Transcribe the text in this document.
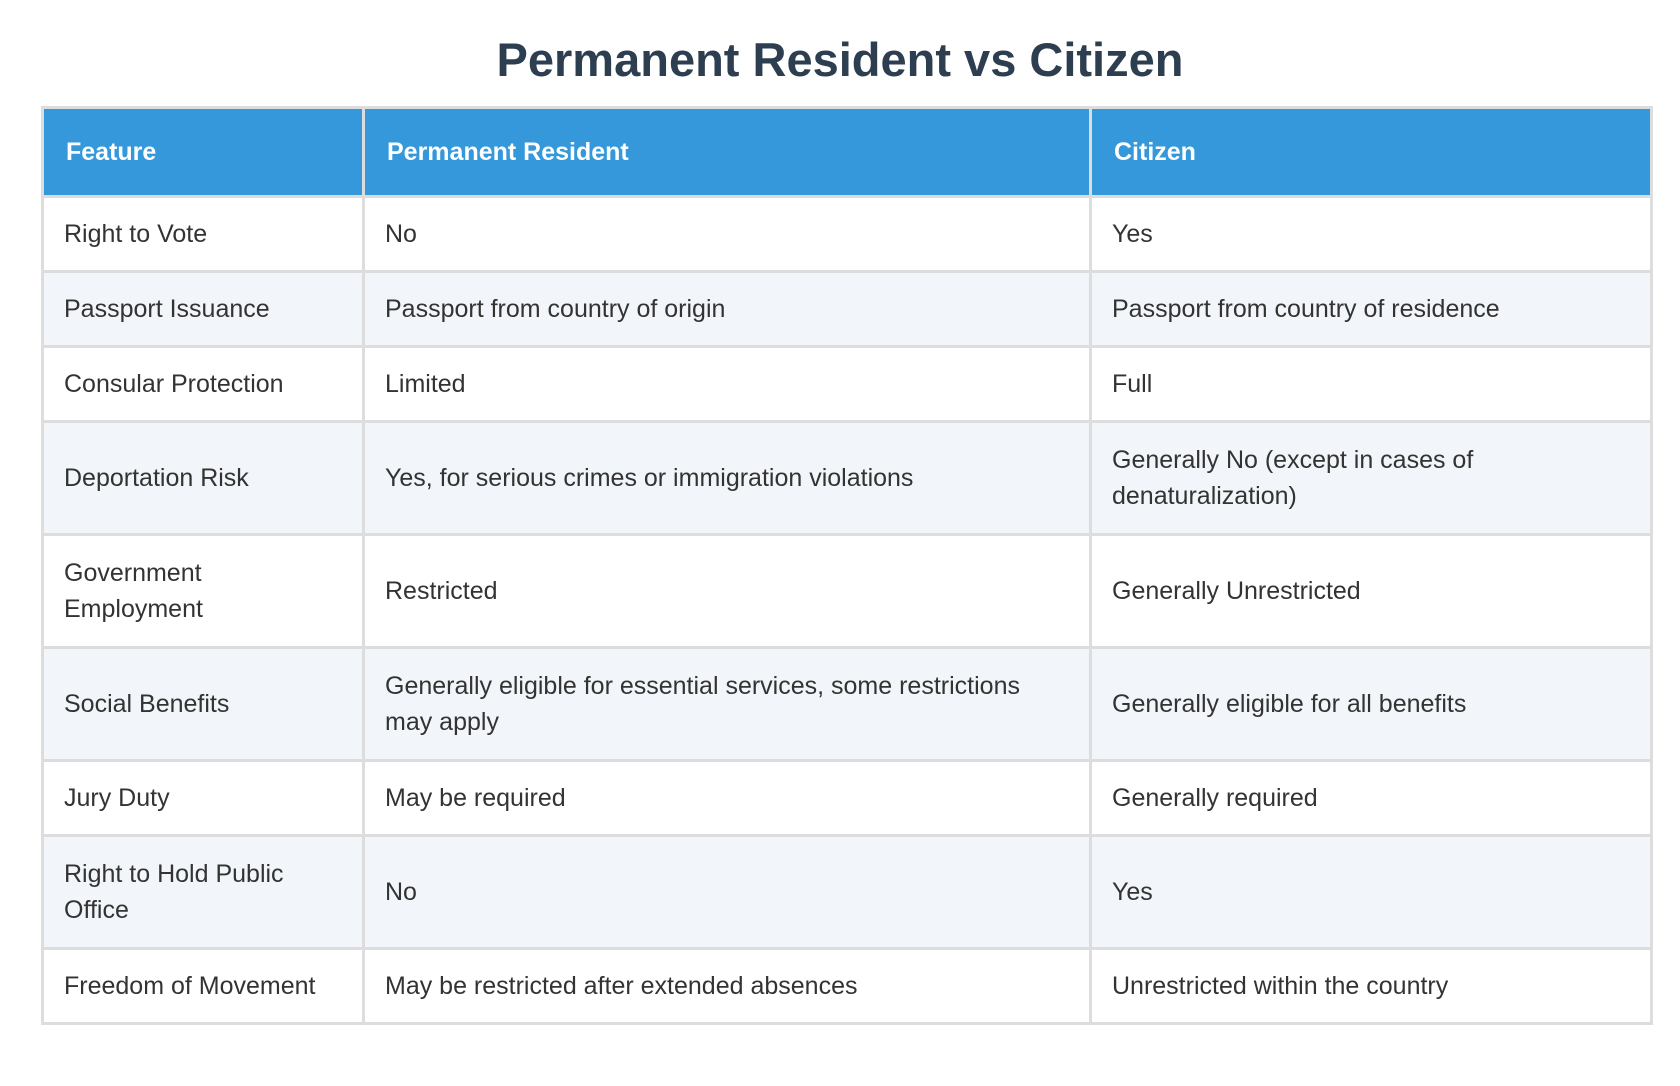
Permanent Resident vs Citizen
Feature	Permanent Resident	Citizen
Right to Vote	No	Yes
Passport Issuance	Passport from country of origin	Passport from country of residence
Consular Protection	Limited	Full
Deportation Risk	Yes, for serious crimes or immigration violations	Generally No (except in cases of denaturalization)
Government Employment	Restricted	Generally Unrestricted
Social Benefits	Generally eligible for essential services, some restrictions may apply	Generally eligible for all benefits
Jury Duty	May be required	Generally required
Right to Hold Public Office	No	Yes
Freedom of Movement	May be restricted after extended absences	Unrestricted within the country
